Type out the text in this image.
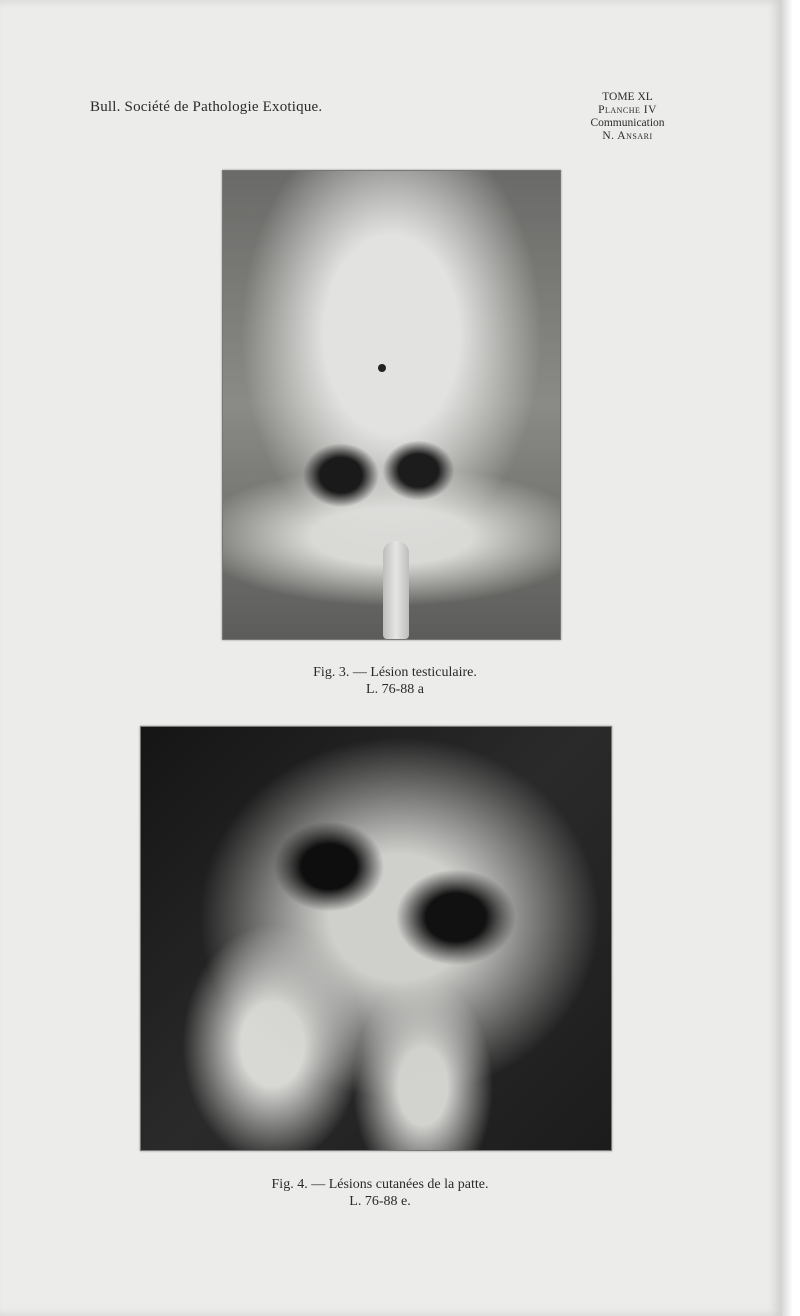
Bull. Société de Pathologie Exotique.
TOME XL
Planche IV
Communication
N. Ansari
Fig. 3. — Lésion testiculaire.
L. 76-88 a
Fig. 4. — Lésions cutanées de la patte.
L. 76-88 e.
